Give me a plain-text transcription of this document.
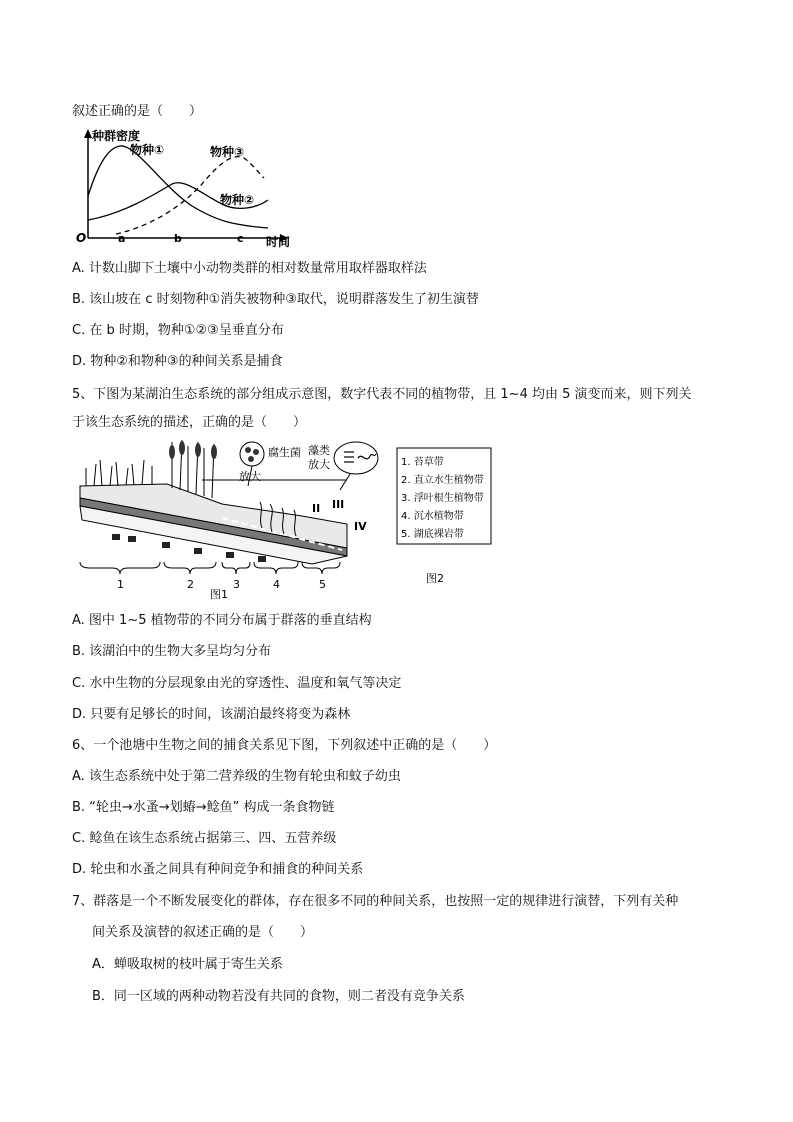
叙述正确的是（　　）
种群密度
时间
O	a	b	c
物种①	物种③
物种②
A. 计数山脚下土壤中小动物类群的相对数量常用取样器取样法
B. 该山坡在 c 时刻物种①消失被物种③取代，说明群落发生了初生演替
C. 在 b 时期，物种①②③呈垂直分布
D. 物种②和物种③的种间关系是捕食
5、下图为某湖泊生态系统的部分组成示意图，数字代表不同的植物带，且 1~4 均由 5 演变而来，则下列关
于该生态系统的描述，正确的是（　　）
腐生菌
放大
藻类
放大
II III
IV
1	2	3	4	5
图1
1. 苔草带
2. 直立水生植物带
3. 浮叶根生植物带
4. 沉水植物带
5. 湖底裸岩带
图2
A. 图中 1~5 植物带的不同分布属于群落的垂直结构
B. 该湖泊中的生物大多呈均匀分布
C. 水中生物的分层现象由光的穿透性、温度和氧气等决定
D. 只要有足够长的时间，该湖泊最终将变为森林
6、一个池塘中生物之间的捕食关系见下图，下列叙述中正确的是（　　）
A. 该生态系统中处于第二营养级的生物有轮虫和蚊子幼虫
B. “轮虫→水蚤→划蝽→鲶鱼” 构成一条食物链
C. 鲶鱼在该生态系统占据第三、四、五营养级
D. 轮虫和水蚤之间具有种间竞争和捕食的种间关系
7、群落是一个不断发展变化的群体，存在很多不同的种间关系，也按照一定的规律进行演替，下列有关种
间关系及演替的叙述正确的是（　　）
A．蝉吸取树的枝叶属于寄生关系
B．同一区域的两种动物若没有共同的食物，则二者没有竞争关系
